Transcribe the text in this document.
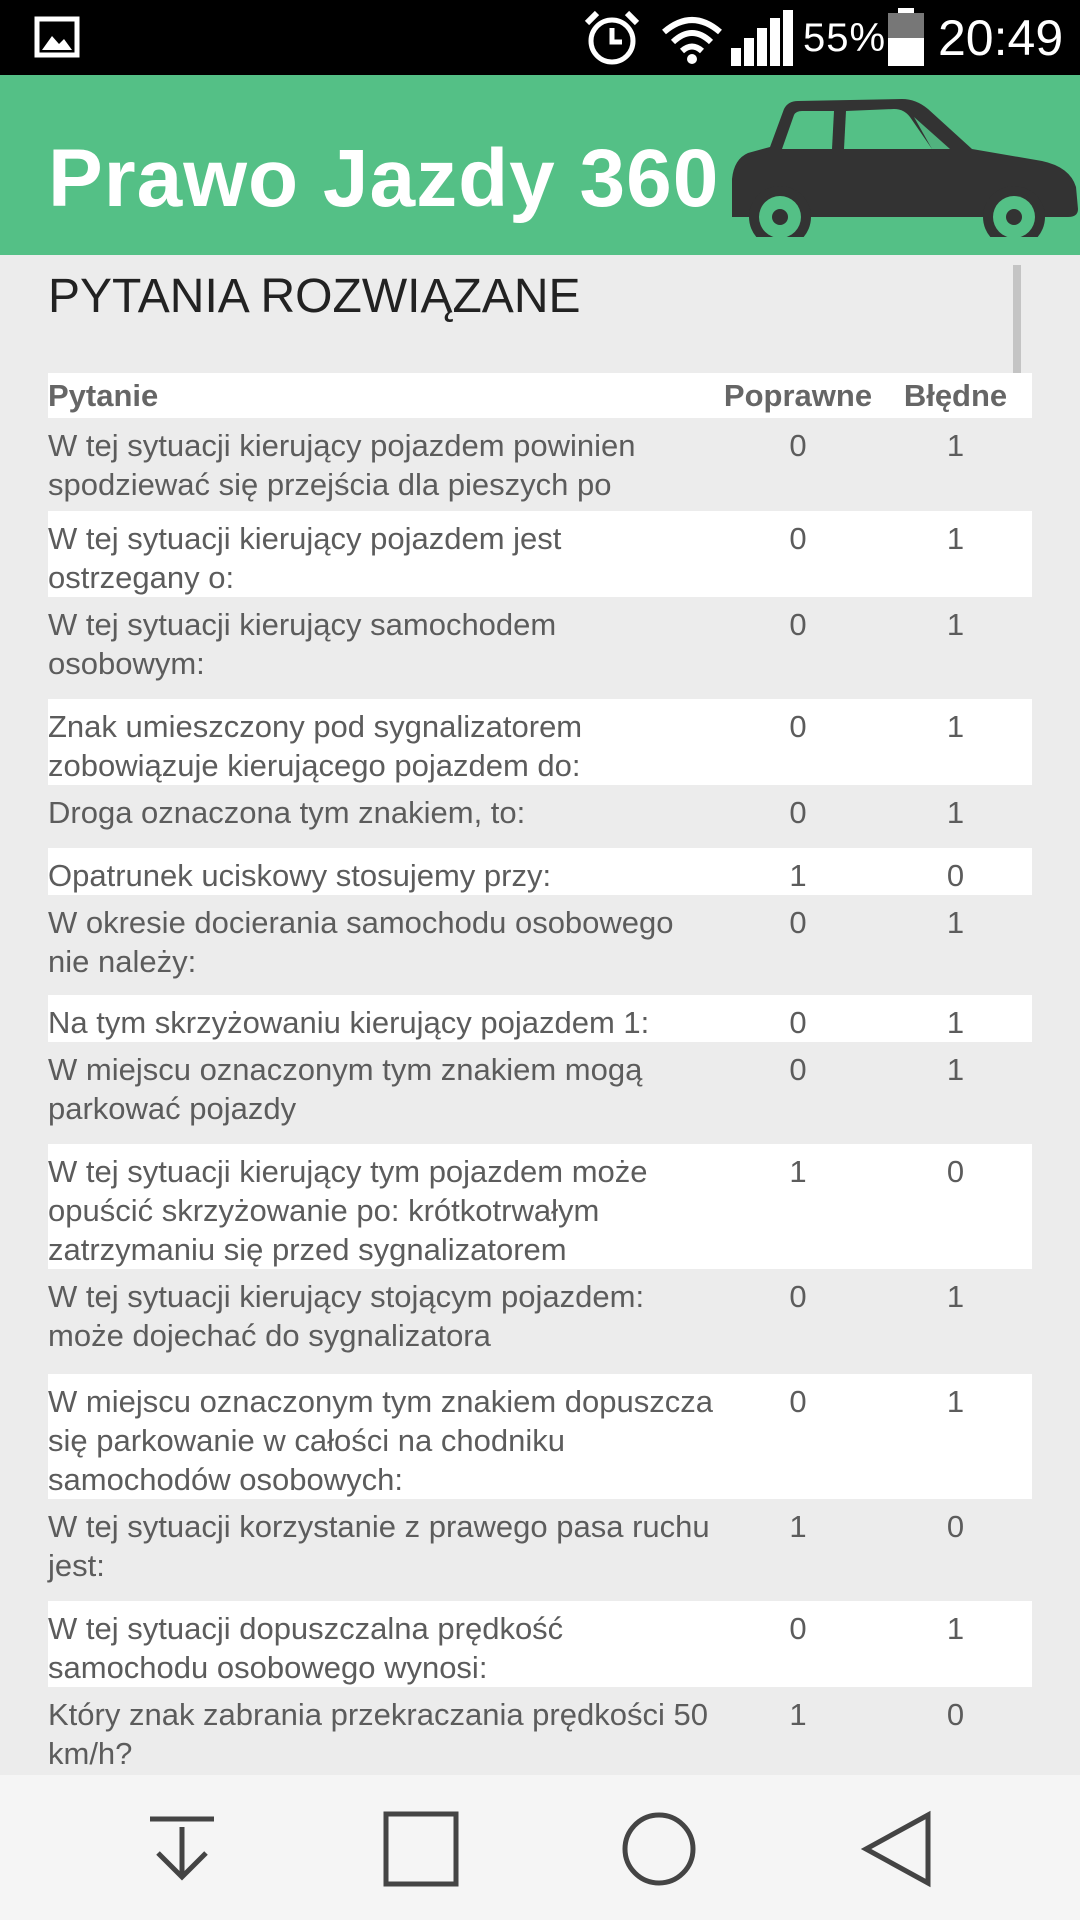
55% 20:49
Prawo Jazdy 360
PYTANIA ROZWIĄZANE
Pytanie	Poprawne	Błędne
W tej sytuacji kierujący pojazdem powinien spodziewać się przejścia dla pieszych po	0	1
W tej sytuacji kierujący pojazdem jest ostrzegany o:	0	1
W tej sytuacji kierujący samochodem osobowym:	0	1
Znak umieszczony pod sygnalizatorem zobowiązuje kierującego pojazdem do:	0	1
Droga oznaczona tym znakiem, to:	0	1
Opatrunek uciskowy stosujemy przy:	1	0
W okresie docierania samochodu osobowego nie należy:	0	1
Na tym skrzyżowaniu kierujący pojazdem 1:	0	1
W miejscu oznaczonym tym znakiem mogą parkować pojazdy	0	1
W tej sytuacji kierujący tym pojazdem może opuścić skrzyżowanie po: krótkotrwałym zatrzymaniu się przed sygnalizatorem	1	0
W tej sytuacji kierujący stojącym pojazdem: może dojechać do sygnalizatora	0	1
W miejscu oznaczonym tym znakiem dopuszcza się parkowanie w całości na chodniku samochodów osobowych:	0	1
W tej sytuacji korzystanie z prawego pasa ruchu jest:	1	0
W tej sytuacji dopuszczalna prędkość samochodu osobowego wynosi:	0	1
Który znak zabrania przekraczania prędkości 50 km/h?	1	0
